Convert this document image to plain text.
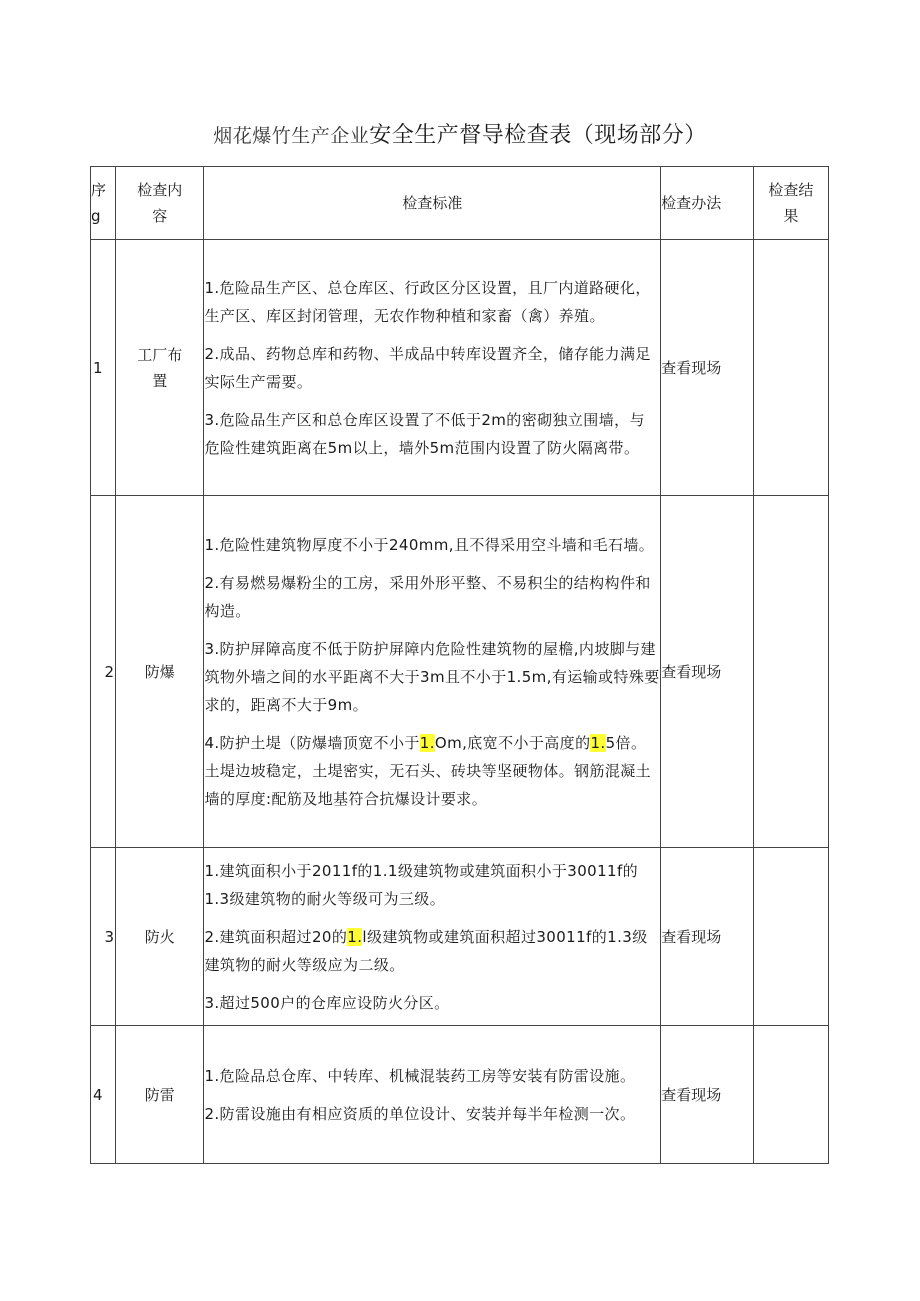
烟花爆竹生产企业安全生产督导检查表（现场部分）
序g	检查内容	检查标准	检查办法	检查结果

1	工厂布置	1.危险品生产区、总仓库区、行政区分区设置，且厂内道路硬化，生产区、库区封闭管理，无农作物种植和家畜（禽）养殖。

2.成品、药物总库和药物、半成品中转库设置齐全，储存能力满足实际生产需要。

3.危险品生产区和总仓库区设置了不低于2m的密砌独立围墙，与危险性建筑距离在5m以上，墙外5m范围内设置了防火隔离带。	查看现场	
2	防爆	1.危险性建筑物厚度不小于240mm,且不得采用空斗墙和毛石墙。

2.有易燃易爆粉尘的工房，采用外形平整、不易积尘的结构构件和构造。

3.防护屏障高度不低于防护屏障内危险性建筑物的屋檐,内坡脚与建筑物外墙之间的水平距离不大于3m且不小于1.5m,有运输或特殊要求的，距离不大于9m。

4.防护土堤（防爆墙顶宽不小于1.Om,底宽不小于高度的1.5倍。土堤边坡稳定，土堤密实，无石头、砖块等坚硬物体。钢筋混凝土墙的厚度:配筋及地基符合抗爆设计要求。	查看现场	
3	防火	1.建筑面积小于2011f的1.1级建筑物或建筑面积小于30011f的1.3级建筑物的耐火等级可为三级。

2.建筑面积超过20的1.l级建筑物或建筑面积超过30011f的1.3级建筑物的耐火等级应为二级。

3.超过500户的仓库应设防火分区。	查看现场	
4	防雷	1.危险品总仓库、中转库、机械混装药工房等安装有防雷设施。

2.防雷设施由有相应资质的单位设计、安装并每半年检测一次。	查看现场	
